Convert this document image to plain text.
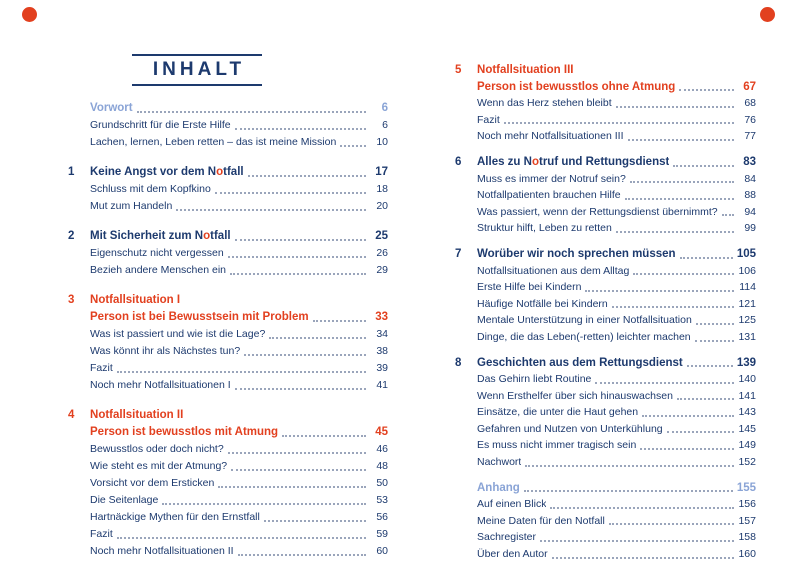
INHALT
Vorwort	6
Grundschritt für die Erste Hilfe	6
Lachen, lernen, Leben retten – das ist meine Mission	10
1 Keine Angst vor dem Notfall	17
Schluss mit dem Kopfkino	18
Mut zum Handeln	20
2 Mit Sicherheit zum Notfall	25
Eigenschutz nicht vergessen	26
Bezieh andere Menschen ein	29
3 Notfallsituation I
Person ist bei Bewusstsein mit Problem	33
Was ist passiert und wie ist die Lage?	34
Was könnt ihr als Nächstes tun?	38
Fazit	39
Noch mehr Notfallsituationen I	41
4 Notfallsituation II
Person ist bewusstlos mit Atmung	45
Bewusstlos oder doch nicht?	46
Wie steht es mit der Atmung?	48
Vorsicht vor dem Ersticken	50
Die Seitenlage	53
Hartnäckige Mythen für den Ernstfall	56
Fazit	59
Noch mehr Notfallsituationen II	60
5 Notfallsituation III
Person ist bewusstlos ohne Atmung	67
Wenn das Herz stehen bleibt	68
Fazit	76
Noch mehr Notfallsituationen III	77
6 Alles zu Notruf und Rettungsdienst	83
Muss es immer der Notruf sein?	84
Notfallpatienten brauchen Hilfe	88
Was passiert, wenn der Rettungsdienst übernimmt?	94
Struktur hilft, Leben zu retten	99
7 Worüber wir noch sprechen müssen	105
Notfallsituationen aus dem Alltag	106
Erste Hilfe bei Kindern	114
Häufige Notfälle bei Kindern	121
Mentale Unterstützung in einer Notfallsituation	125
Dinge, die das Leben(-retten) leichter machen	131
8 Geschichten aus dem Rettungsdienst	139
Das Gehirn liebt Routine	140
Wenn Ersthelfer über sich hinauswachsen	141
Einsätze, die unter die Haut gehen	143
Gefahren und Nutzen von Unterkühlung	145
Es muss nicht immer tragisch sein	149
Nachwort	152
Anhang	155
Auf einen Blick	156
Meine Daten für den Notfall	157
Sachregister	158
Über den Autor	160
